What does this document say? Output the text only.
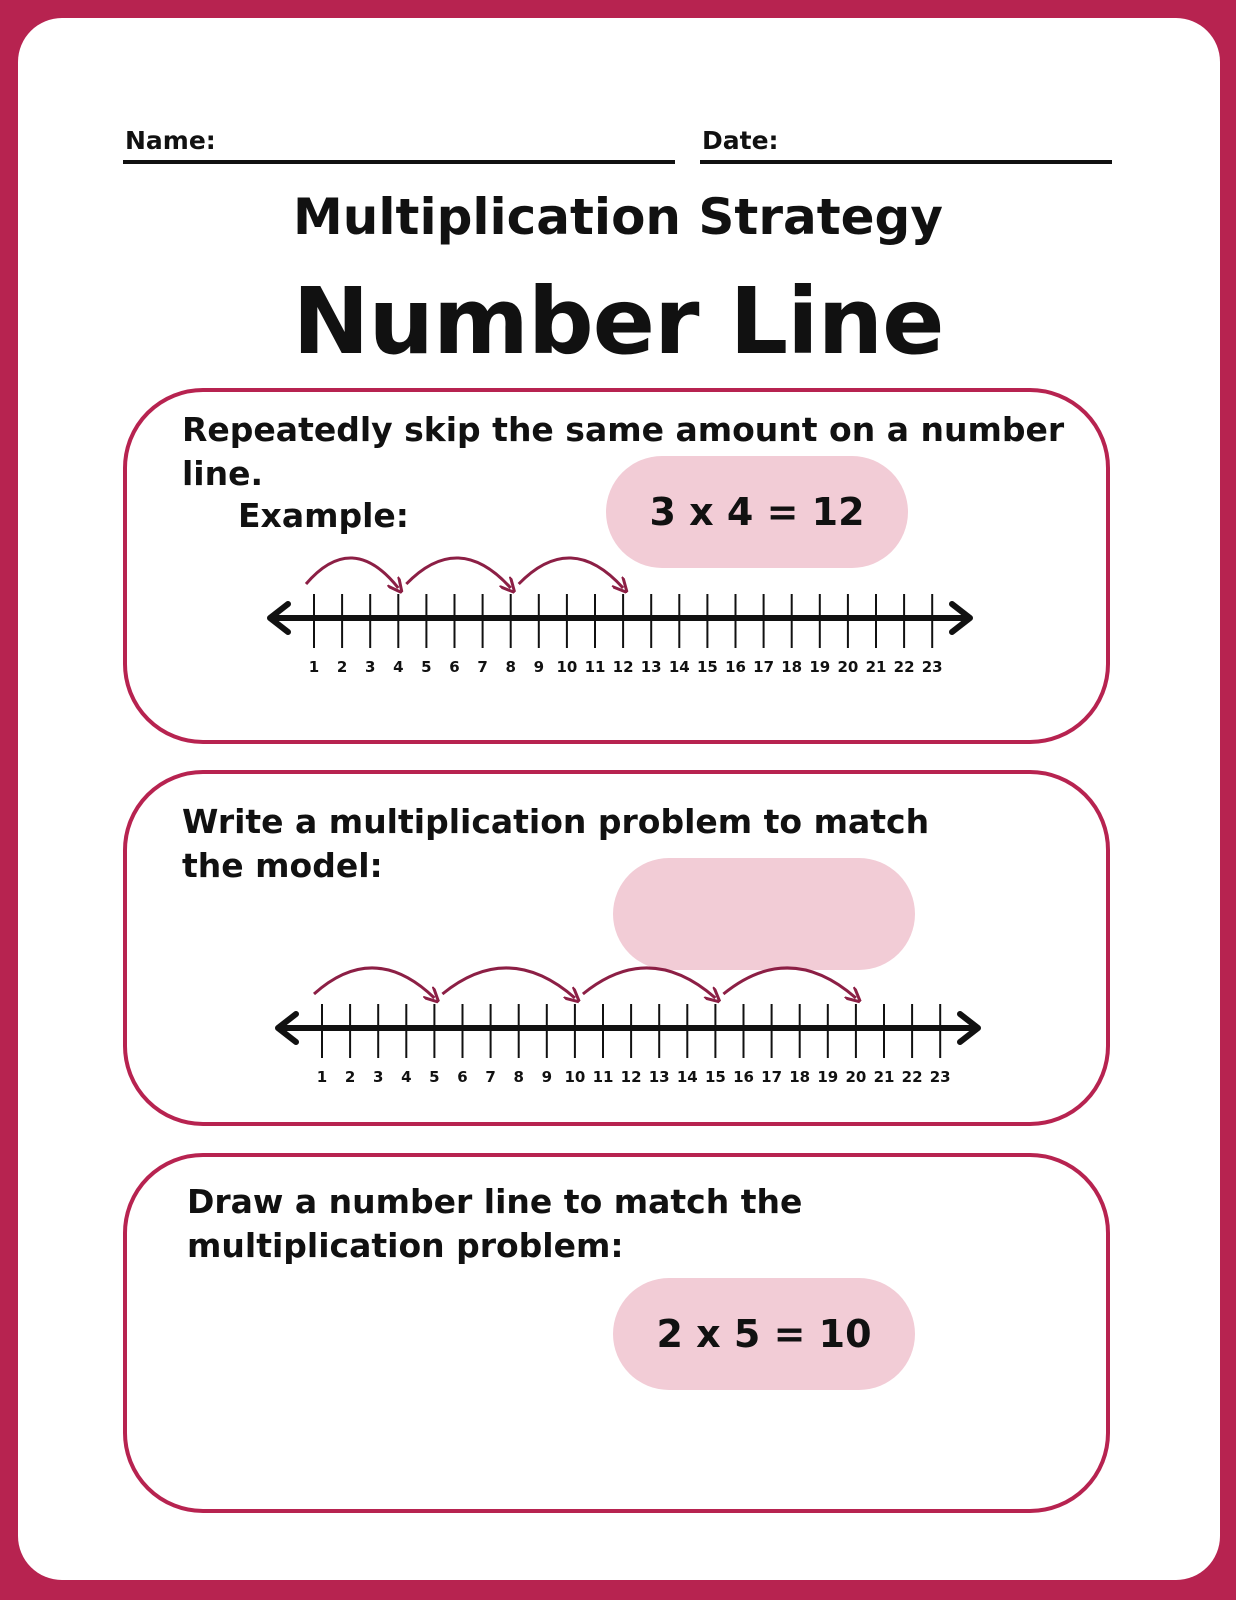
Name:	Date:
Multiplication Strategy
Number Line
Repeatedly skip the same amount on a number line.
Example:	3 x 4 = 12
1 2 3 4 5 6 7 8 9 10 11 12 13 14 15 16 17 18 19 20 21 22 23
Write a multiplication problem to match the model:
1 2 3 4 5 6 7 8 9 10 11 12 13 14 15 16 17 18 19 20 21 22 23
Draw a number line to match the multiplication problem:
2 x 5 = 10
